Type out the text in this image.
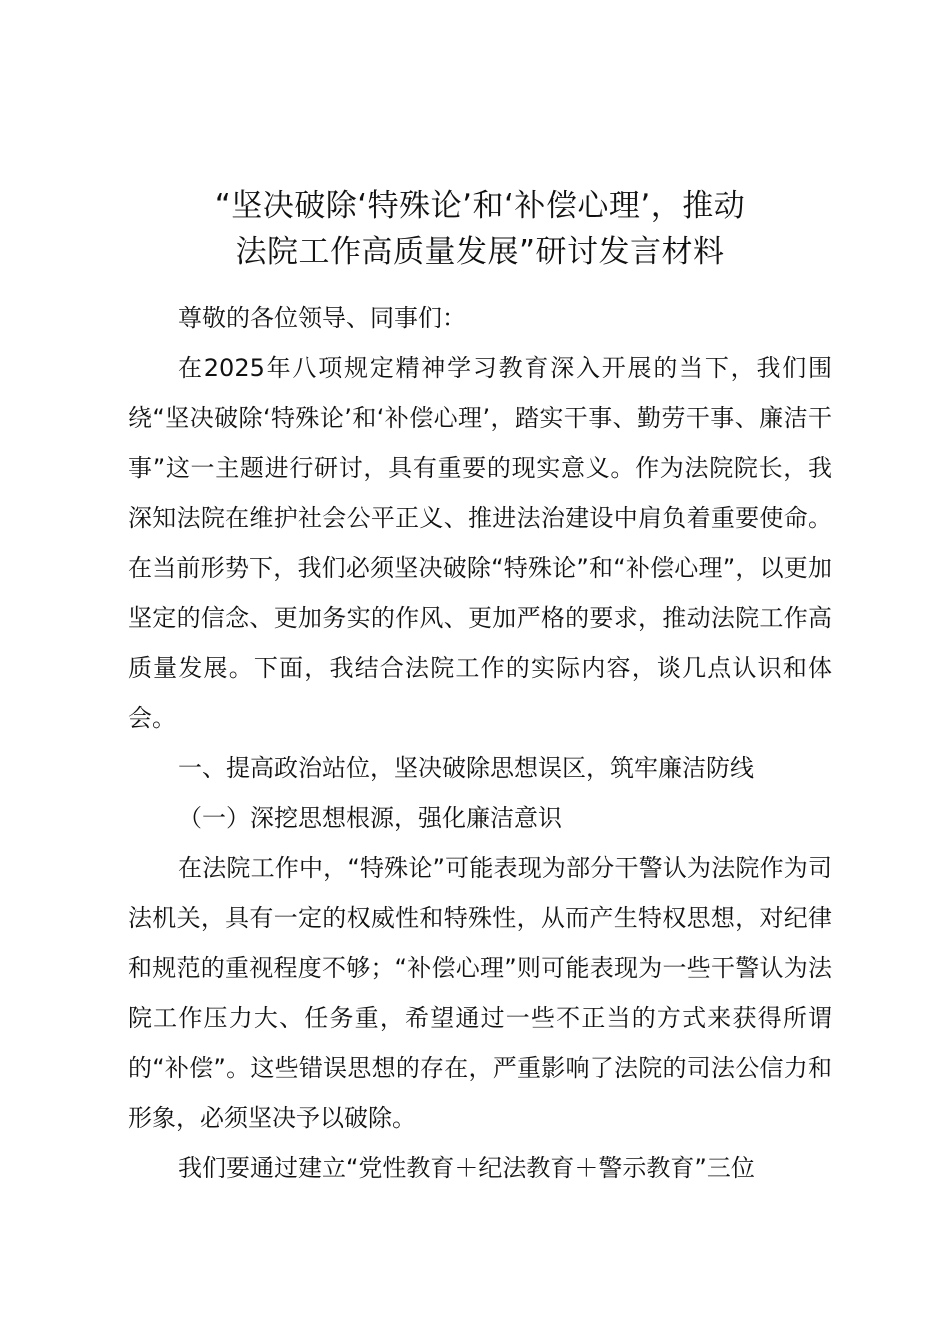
“坚决破除‘特殊论’和‘补偿心理’，推动
法院工作高质量发展”研讨发言材料

尊敬的各位领导、同事们：

在2025年八项规定精神学习教育深入开展的当下，我们围绕“坚决破除‘特殊论’和‘补偿心理’，踏实干事、勤劳干事、廉洁干事”这一主题进行研讨，具有重要的现实意义。作为法院院长，我深知法院在维护社会公平正义、推进法治建设中肩负着重要使命。在当前形势下，我们必须坚决破除“特殊论”和“补偿心理”，以更加坚定的信念、更加务实的作风、更加严格的要求，推动法院工作高质量发展。下面，我结合法院工作的实际内容，谈几点认识和体会。

一、提高政治站位，坚决破除思想误区，筑牢廉洁防线

（一）深挖思想根源，强化廉洁意识

在法院工作中，“特殊论”可能表现为部分干警认为法院作为司法机关，具有一定的权威性和特殊性，从而产生特权思想，对纪律和规范的重视程度不够；“补偿心理”则可能表现为一些干警认为法院工作压力大、任务重，希望通过一些不正当的方式来获得所谓的“补偿”。这些错误思想的存在，严重影响了法院的司法公信力和形象，必须坚决予以破除。

我们要通过建立“党性教育＋纪法教育＋警示教育”三位
